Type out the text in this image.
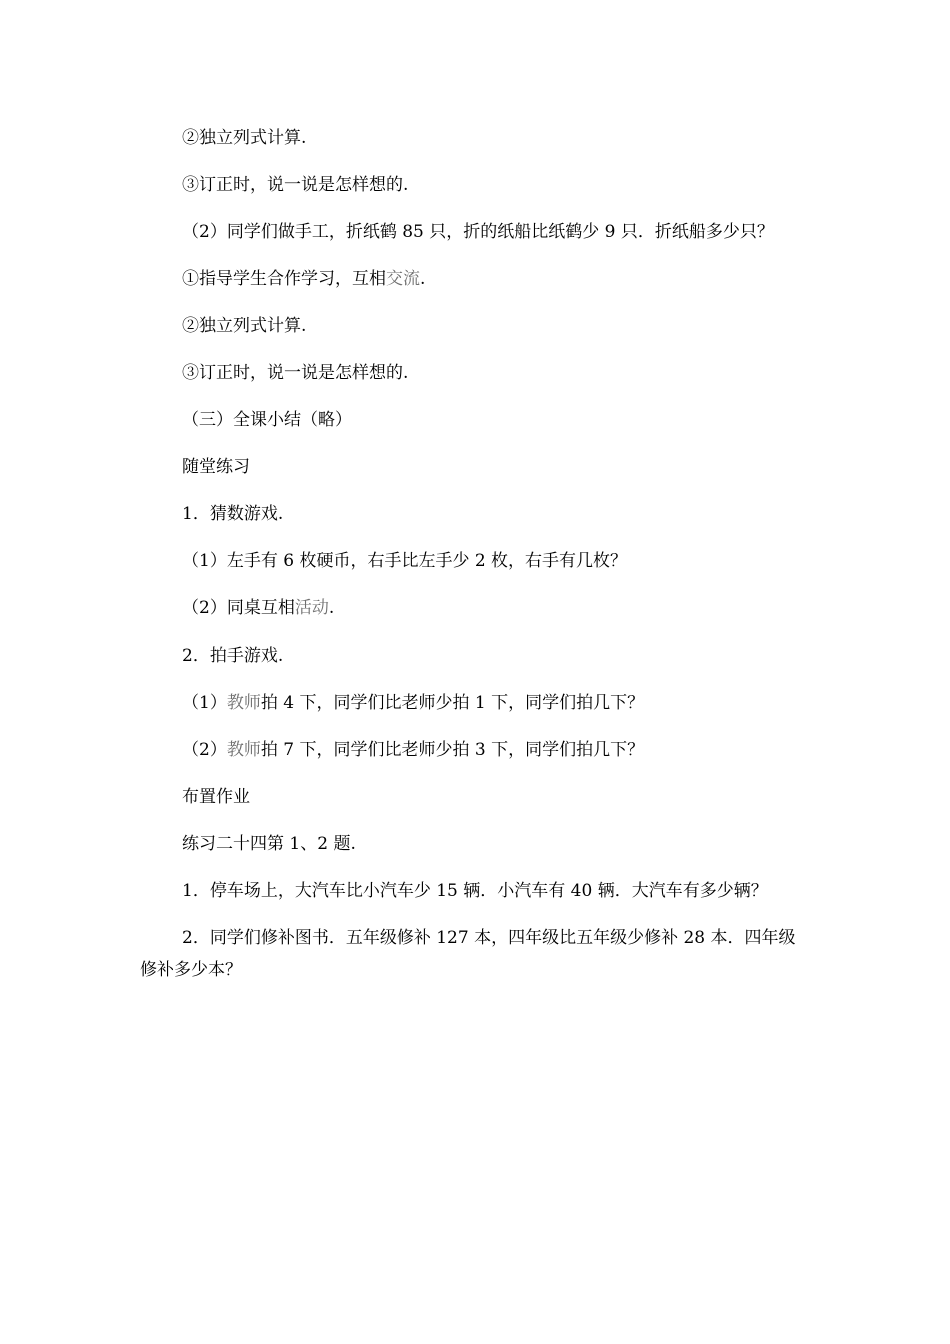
②独立列式计算.

③订正时，说一说是怎样想的.

（2）同学们做手工，折纸鹤 85 只，折的纸船比纸鹤少 9 只．折纸船多少只？

①指导学生合作学习，互相交流.

②独立列式计算.

③订正时，说一说是怎样想的.

（三）全课小结（略）

随堂练习

1．猜数游戏.

（1）左手有 6 枚硬币，右手比左手少 2 枚，右手有几枚？

（2）同桌互相活动.

2．拍手游戏.

（1）教师拍 4 下，同学们比老师少拍 1 下，同学们拍几下？

（2）教师拍 7 下，同学们比老师少拍 3 下，同学们拍几下？

布置作业

练习二十四第 1、2 题.

1．停车场上，大汽车比小汽车少 15 辆．小汽车有 40 辆．大汽车有多少辆？

2．同学们修补图书．五年级修补 127 本，四年级比五年级少修补 28 本．四年级修补多少本？
